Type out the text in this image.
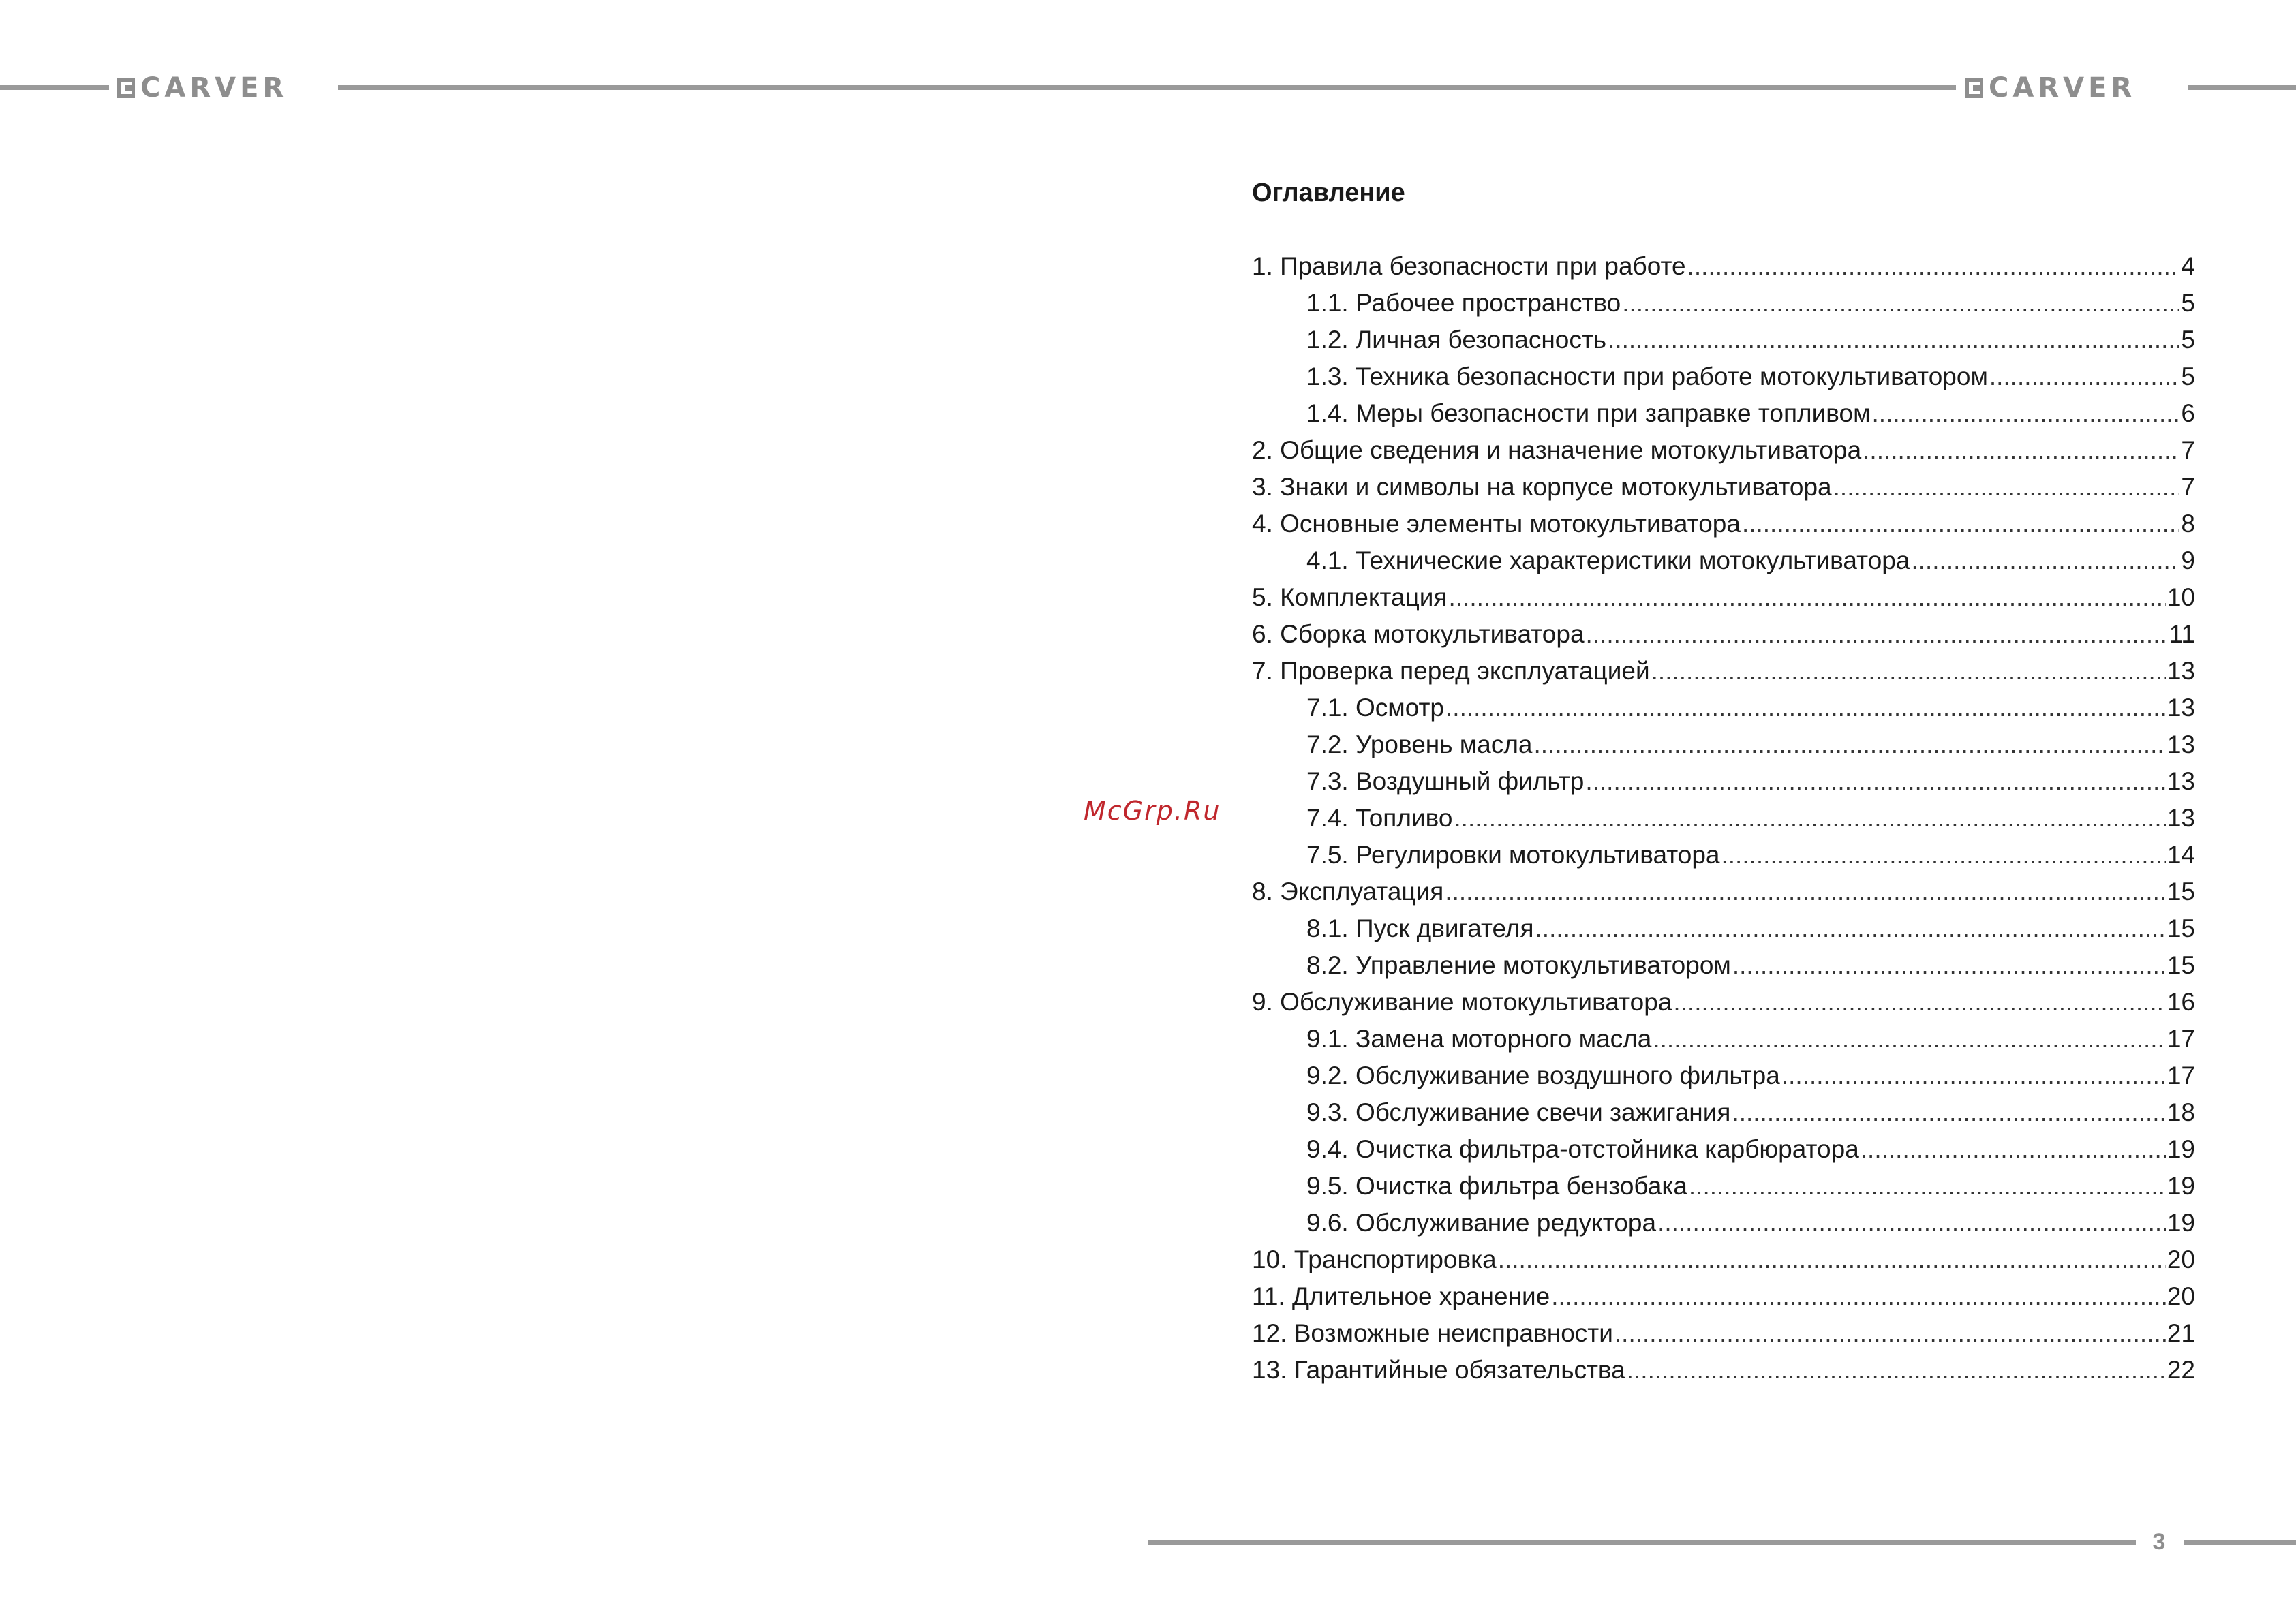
CARVER	CARVER
McGrp.Ru
Оглавление
1. Правила безопасности при работе .....	4
1.1. Рабочее пространство .....	5
1.2. Личная безопасность .....	5
1.3. Техника безопасности при работе мотокультиватором .....	5
1.4. Меры безопасности при заправке топливом .....	6
2. Общие сведения и назначение мотокультиватора .....	7
3. Знаки и символы на корпусе мотокультиватора .....	7
4. Основные элементы мотокультиватора .....	8
4.1. Технические характеристики мотокультиватора .....	9
5. Комплектация .....	10
6. Сборка мотокультиватора .....	11
7. Проверка перед эксплуатацией .....	13
7.1. Осмотр .....	13
7.2. Уровень масла .....	13
7.3. Воздушный фильтр .....	13
7.4. Топливо .....	13
7.5. Регулировки мотокультиватора .....	14
8. Эксплуатация .....	15
8.1. Пуск двигателя .....	15
8.2. Управление мотокультиватором .....	15
9. Обслуживание мотокультиватора .....	16
9.1. Замена моторного масла .....	17
9.2. Обслуживание воздушного фильтра .....	17
9.3. Обслуживание свечи зажигания .....	18
9.4. Очистка фильтра-отстойника карбюратора .....	19
9.5. Очистка фильтра бензобака .....	19
9.6. Обслуживание редуктора .....	19
10. Транспортировка .....	20
11. Длительное хранение .....	20
12. Возможные неисправности .....	21
13. Гарантийные обязательства .....	22
3
